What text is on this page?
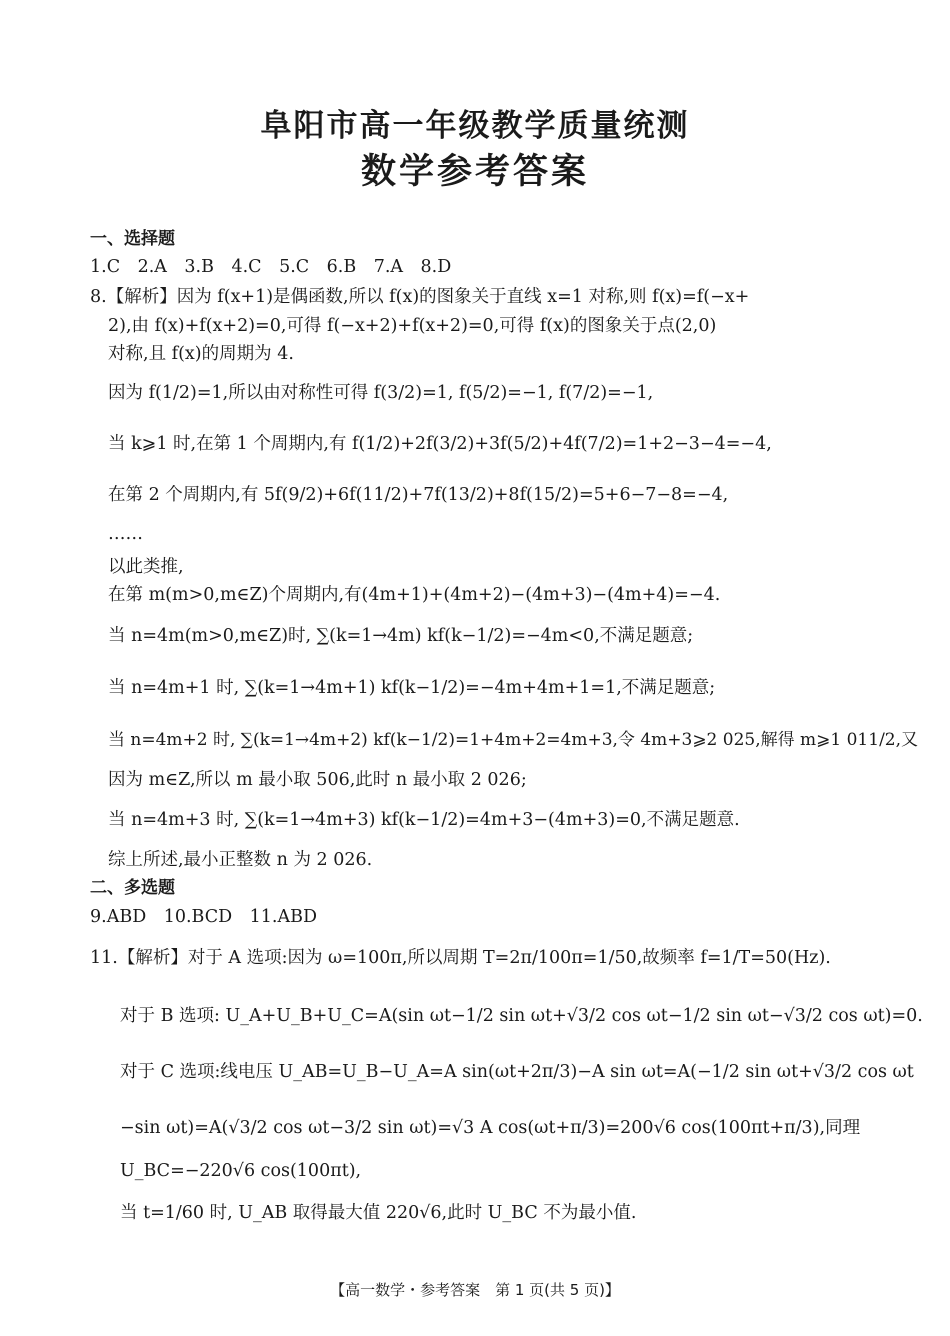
阜阳市高一年级教学质量统测
数学参考答案
一、选择题
1.C　2.A　3.B　4.C　5.C　6.B　7.A　8.D
8.【解析】因为 f(x+1)是偶函数,所以 f(x)的图象关于直线 x=1 对称,则 f(x)=f(−x+
2),由 f(x)+f(x+2)=0,可得 f(−x+2)+f(x+2)=0,可得 f(x)的图象关于点(2,0)
对称,且 f(x)的周期为 4.
因为 f(1/2)=1,所以由对称性可得 f(3/2)=1, f(5/2)=−1, f(7/2)=−1,
当 k⩾1 时,在第 1 个周期内,有 f(1/2)+2f(3/2)+3f(5/2)+4f(7/2)=1+2−3−4=−4,
在第 2 个周期内,有 5f(9/2)+6f(11/2)+7f(13/2)+8f(15/2)=5+6−7−8=−4,
……
以此类推,
在第 m(m>0,m∈Z)个周期内,有(4m+1)+(4m+2)−(4m+3)−(4m+4)=−4.
当 n=4m(m>0,m∈Z)时, ∑(k=1→4m) kf(k−1/2)=−4m<0,不满足题意;
当 n=4m+1 时, ∑(k=1→4m+1) kf(k−1/2)=−4m+4m+1=1,不满足题意;
当 n=4m+2 时, ∑(k=1→4m+2) kf(k−1/2)=1+4m+2=4m+3,令 4m+3⩾2 025,解得 m⩾1 011/2,又
因为 m∈Z,所以 m 最小取 506,此时 n 最小取 2 026;
当 n=4m+3 时, ∑(k=1→4m+3) kf(k−1/2)=4m+3−(4m+3)=0,不满足题意.
综上所述,最小正整数 n 为 2 026.
二、多选题
9.ABD　10.BCD　11.ABD
11.【解析】对于 A 选项:因为 ω=100π,所以周期 T=2π/100π=1/50,故频率 f=1/T=50(Hz).
对于 B 选项: U_A+U_B+U_C=A(sin ωt−1/2 sin ωt+√3/2 cos ωt−1/2 sin ωt−√3/2 cos ωt)=0.
对于 C 选项:线电压 U_AB=U_B−U_A=A sin(ωt+2π/3)−A sin ωt=A(−1/2 sin ωt+√3/2 cos ωt
−sin ωt)=A(√3/2 cos ωt−3/2 sin ωt)=√3 A cos(ωt+π/3)=200√6 cos(100πt+π/3),同理
U_BC=−220√6 cos(100πt),
当 t=1/60 时, U_AB 取得最大值 220√6,此时 U_BC 不为最小值.
【高一数学・参考答案　第 1 页(共 5 页)】
